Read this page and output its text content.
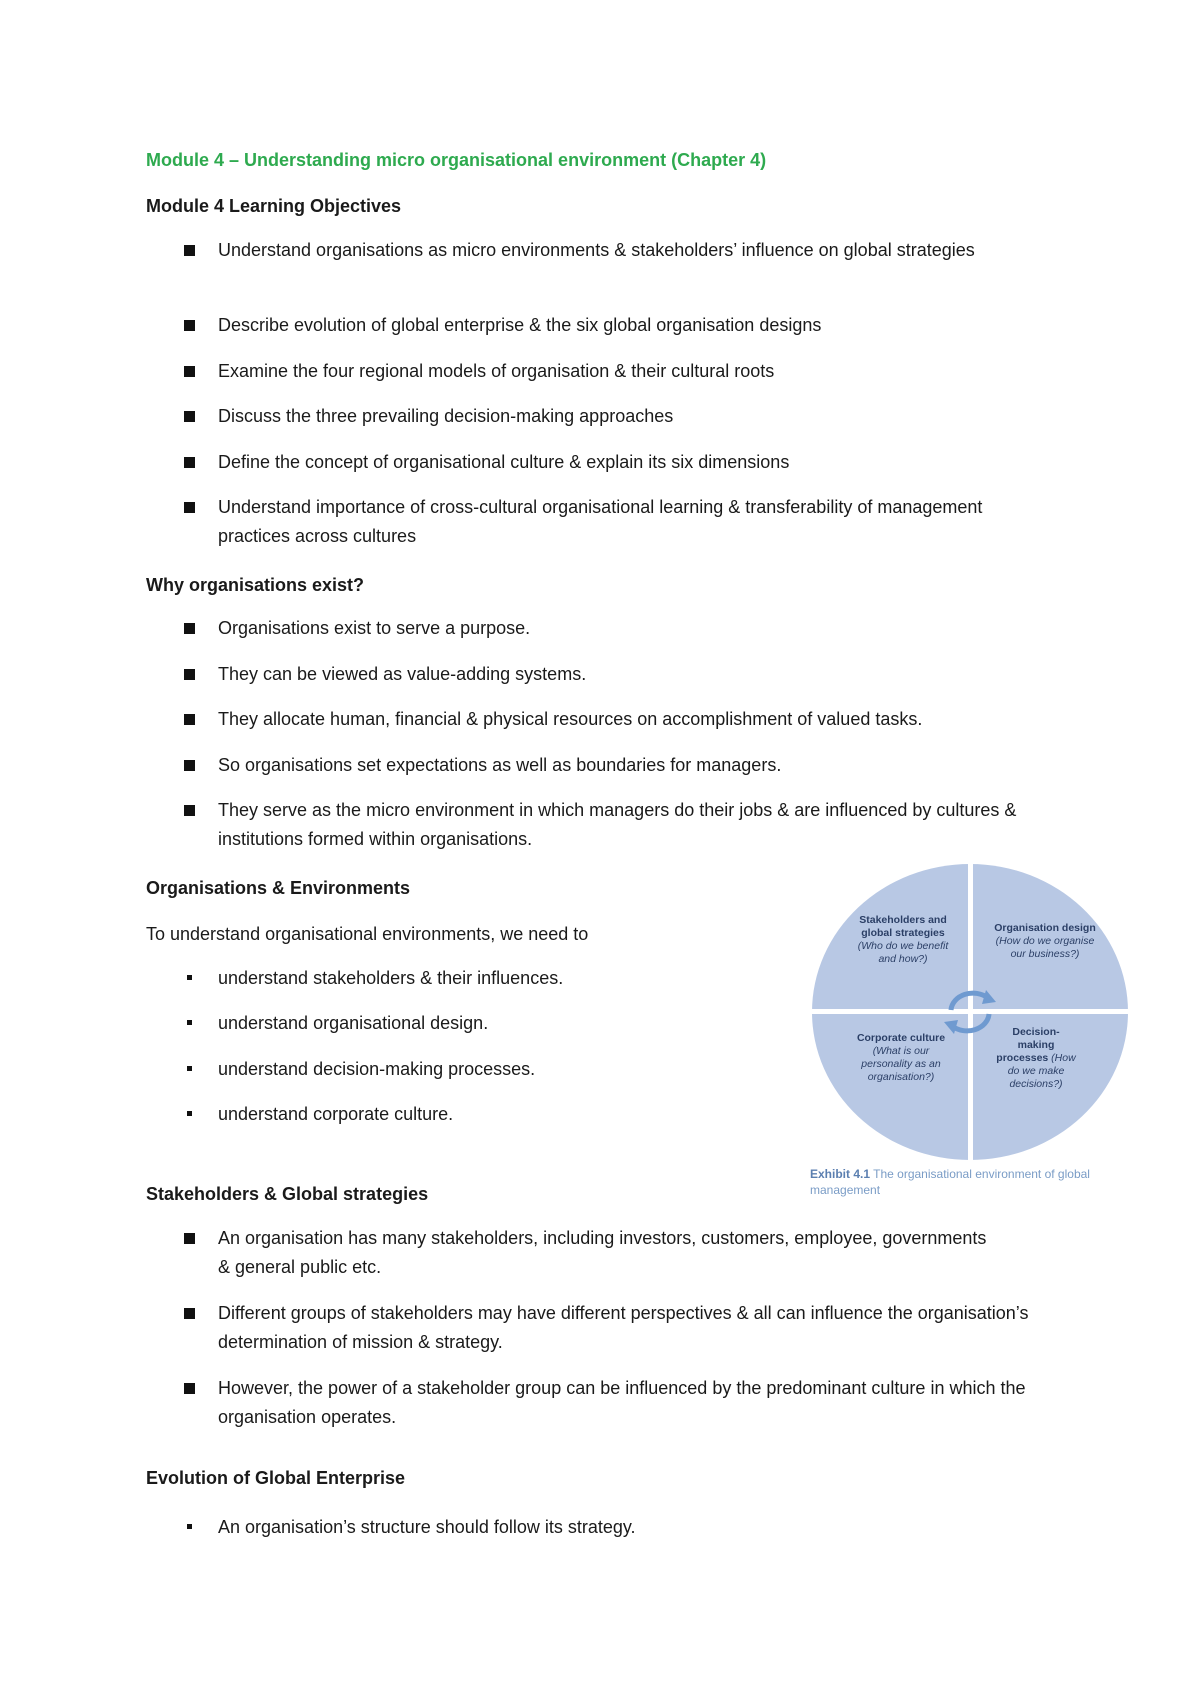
Module 4 – Understanding micro organisational environment (Chapter 4)
Module 4 Learning Objectives
Understand organisations as micro environments & stakeholders’ influence on global strategies
Describe evolution of global enterprise & the six global organisation designs
Examine the four regional models of organisation & their cultural roots
Discuss the three prevailing decision-making approaches
Define the concept of organisational culture & explain its six dimensions
Understand importance of cross-cultural organisational learning & transferability of management practices across cultures
Why organisations exist?
Organisations exist to serve a purpose.
They can be viewed as value-adding systems.
They allocate human, financial & physical resources on accomplishment of valued tasks.
So organisations set expectations as well as boundaries for managers.
They serve as the micro environment in which managers do their jobs & are influenced by cultures & institutions formed within organisations.
Organisations & Environments
To understand organisational environments, we need to
understand stakeholders & their influences.
understand organisational design.
understand decision-making processes.
understand corporate culture.
Stakeholders and global strategies (Who do we benefit and how?)
Organisation design (How do we organise our business?)
Corporate culture (What is our personality as an organisation?)
Decision-making processes (How do we make decisions?)
Exhibit 4.1 The organisational environment of global management
Stakeholders & Global strategies
An organisation has many stakeholders, including investors, customers, employee, governments & general public etc.
Different groups of stakeholders may have different perspectives & all can influence the organisation’s determination of mission & strategy.
However, the power of a stakeholder group can be influenced by the predominant culture in which the organisation operates.
Evolution of Global Enterprise
An organisation’s structure should follow its strategy.
